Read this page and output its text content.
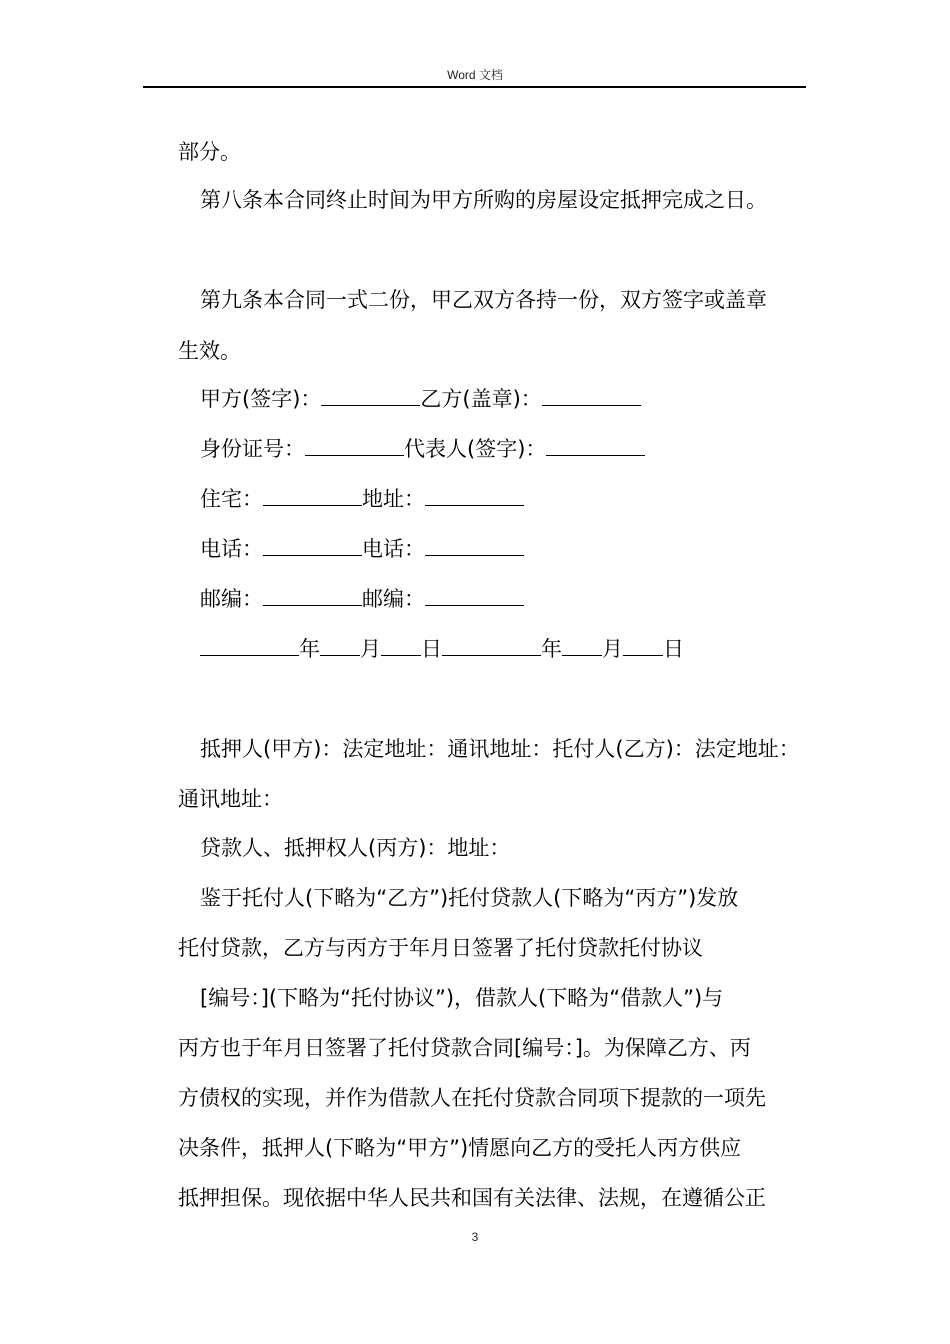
Word 文档
部分。
第八条本合同终止时间为甲方所购的房屋设定抵押完成之日。
第九条本合同一式二份，甲乙双方各持一份，双方签字或盖章
生效。
甲方(签字)：	乙方(盖章)：
身份证号：	代表人(签字)：
住宅：	地址：
电话：	电话：
邮编：	邮编：
年 月 日	年 月 日
抵押人(甲方)：法定地址：通讯地址：托付人(乙方)：法定地址：
通讯地址：
贷款人、抵押权人(丙方)：地址：
鉴于托付人(下略为“乙方”)托付贷款人(下略为“丙方”)发放
托付贷款，乙方与丙方于年月日签署了托付贷款托付协议
[编号：](下略为“托付协议”)，借款人(下略为“借款人”)与
丙方也于年月日签署了托付贷款合同[编号：]。为保障乙方、丙
方债权的实现，并作为借款人在托付贷款合同项下提款的一项先
决条件，抵押人(下略为“甲方”)情愿向乙方的受托人丙方供应
抵押担保。现依据中华人民共和国有关法律、法规，在遵循公正
3
